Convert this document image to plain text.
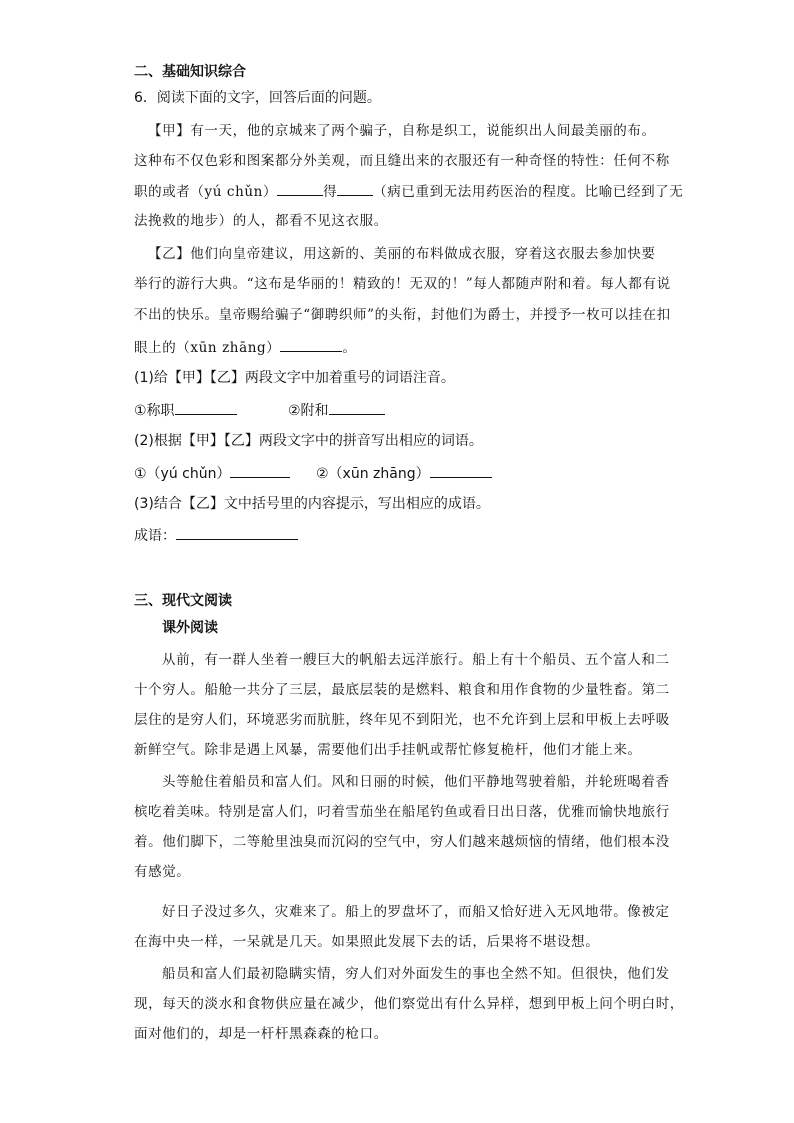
二、基础知识综合
6．阅读下面的文字，回答后面的问题。
【甲】有一天，他的京城来了两个骗子，自称是织工，说能织出人间最美丽的布。
这种布不仅色彩和图案都分外美观，而且缝出来的衣服还有一种奇怪的特性：任何不称
职的或者（yú chǔn）	得	（病已重到无法用药医治的程度。比喻已经到了无
法挽救的地步）的人，都看不见这衣服。
【乙】他们向皇帝建议，用这新的、美丽的布料做成衣服，穿着这衣服去参加快要
举行的游行大典。“这布是华丽的！精致的！无双的！”每人都随声附和着。每人都有说
不出的快乐。皇帝赐给骗子“御聘织师”的头衔，封他们为爵士，并授予一枚可以挂在扣
眼上的（xūn zhāng）	。
(1)给【甲】【乙】两段文字中加着重号的词语注音。
①称职	②附和
(2)根据【甲】【乙】两段文字中的拼音写出相应的词语。
①（yú chǔn）	②（xūn zhāng）
(3)结合【乙】文中括号里的内容提示，写出相应的成语。
成语：
三、现代文阅读
课外阅读
从前，有一群人坐着一艘巨大的帆船去远洋旅行。船上有十个船员、五个富人和二
十个穷人。船舱一共分了三层，最底层装的是燃料、粮食和用作食物的少量牲畜。第二
层住的是穷人们，环境恶劣而肮脏，终年见不到阳光，也不允许到上层和甲板上去呼吸
新鲜空气。除非是遇上风暴，需要他们出手挂帆或帮忙修复桅杆，他们才能上来。
头等舱住着船员和富人们。风和日丽的时候，他们平静地驾驶着船，并轮班喝着香
槟吃着美味。特别是富人们，叼着雪茄坐在船尾钓鱼或看日出日落，优雅而愉快地旅行
着。他们脚下，二等舱里浊臭而沉闷的空气中，穷人们越来越烦恼的情绪，他们根本没
有感觉。
好日子没过多久，灾难来了。船上的罗盘坏了，而船又恰好进入无风地带。像被定
在海中央一样，一呆就是几天。如果照此发展下去的话，后果将不堪设想。
船员和富人们最初隐瞒实情，穷人们对外面发生的事也全然不知。但很快，他们发
现，每天的淡水和食物供应量在减少，他们察觉出有什么异样，想到甲板上问个明白时，
面对他们的，却是一杆杆黑森森的枪口。
